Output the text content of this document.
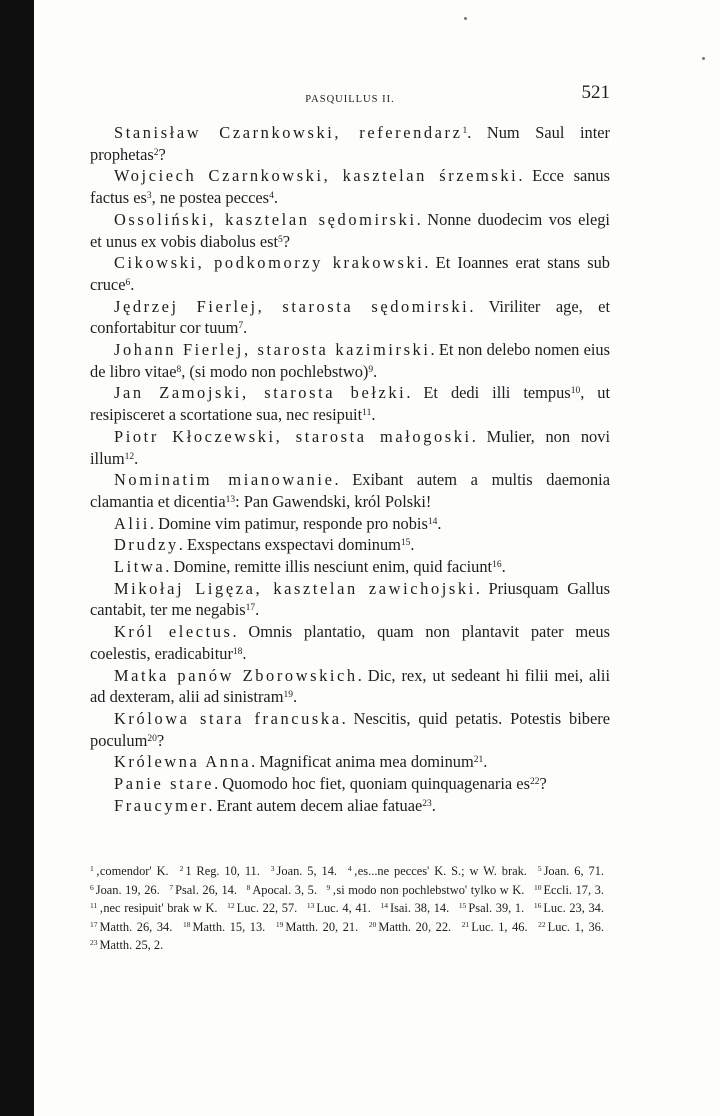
PASQUILLUS II.	521

Stanisław Czarnkowski, referendarz$^1$. Num Saul inter prophetas$^2$?

Wojciech Czarnkowski, kasztelan śrzemski. Ecce sanus factus es$^3$, ne postea pecces$^4$.

Ossoliński, kasztelan sędomirski. Nonne duodecim vos elegi et unus ex vobis diabolus est$^5$?

Cikowski, podkomorzy krakowski. Et Ioannes erat stans sub cruce$^6$.

Jędrzej Fierlej, starosta sędomirski. Viriliter age, et confortabitur cor tuum$^7$.

Johann Fierlej, starosta kazimirski. Et non delebo nomen eius de libro vitae$^8$, (si modo non pochlebstwo)$^9$.

Jan Zamojski, starosta bełzki. Et dedi illi tempus$^{10}$, ut resipisceret a scortatione sua, nec resipuit$^{11}$.

Piotr Kłoczewski, starosta małogoski. Mulier, non novi illum$^{12}$.

Nominatim mianowanie. Exibant autem a multis daemonia clamantia et dicentia$^{13}$: Pan Gawendski, król Polski!

Alii. Domine vim patimur, responde pro nobis$^{14}$.

Drudzy. Exspectans exspectavi dominum$^{15}$.

Litwa. Domine, remitte illis nesciunt enim, quid faciunt$^{16}$.

Mikołaj Ligęza, kasztelan zawichojski. Priusquam Gallus cantabit, ter me negabis$^{17}$.

Król electus. Omnis plantatio, quam non plantavit pater meus coelestis, eradicabitur$^{18}$.

Matka panów Zborowskich. Dic, rex, ut sedeant hi filii mei, alii ad dexteram, alii ad sinistram$^{19}$.

Królowa stara francuska. Nescitis, quid petatis. Potestis bibere poculum$^{20}$?

Królewna Anna. Magnificat anima mea dominum$^{21}$.

Panie stare. Quomodo hoc fiet, quoniam quinquagenaria es$^{22}$?

Fraucymer. Erant autem decem aliae fatuae$^{23}$.

$^1$ ‚comendor' K. $^2$ 1 Reg. 10, 11. $^3$ Joan. 5, 14. $^4$ ‚es...ne pecces' K. S.; w W. brak. $^5$ Joan. 6, 71. $^6$ Joan. 19, 26. $^7$ Psal. 26, 14. $^8$ Apocal. 3, 5. $^9$ ‚si modo non pochlebstwo' tylko w K. $^{10}$ Eccli. 17, 3. $^{11}$ ‚nec resipuit' brak w K. $^{12}$ Luc. 22, 57. $^{13}$ Luc. 4, 41. $^{14}$ Isai. 38, 14. $^{15}$ Psal. 39, 1. $^{16}$ Luc. 23, 34. $^{17}$ Matth. 26, 34. $^{18}$ Matth. 15, 13. $^{19}$ Matth. 20, 21. $^{20}$ Matth. 20, 22. $^{21}$ Luc. 1, 46. $^{22}$ Luc. 1, 36. $^{23}$ Matth. 25, 2.
